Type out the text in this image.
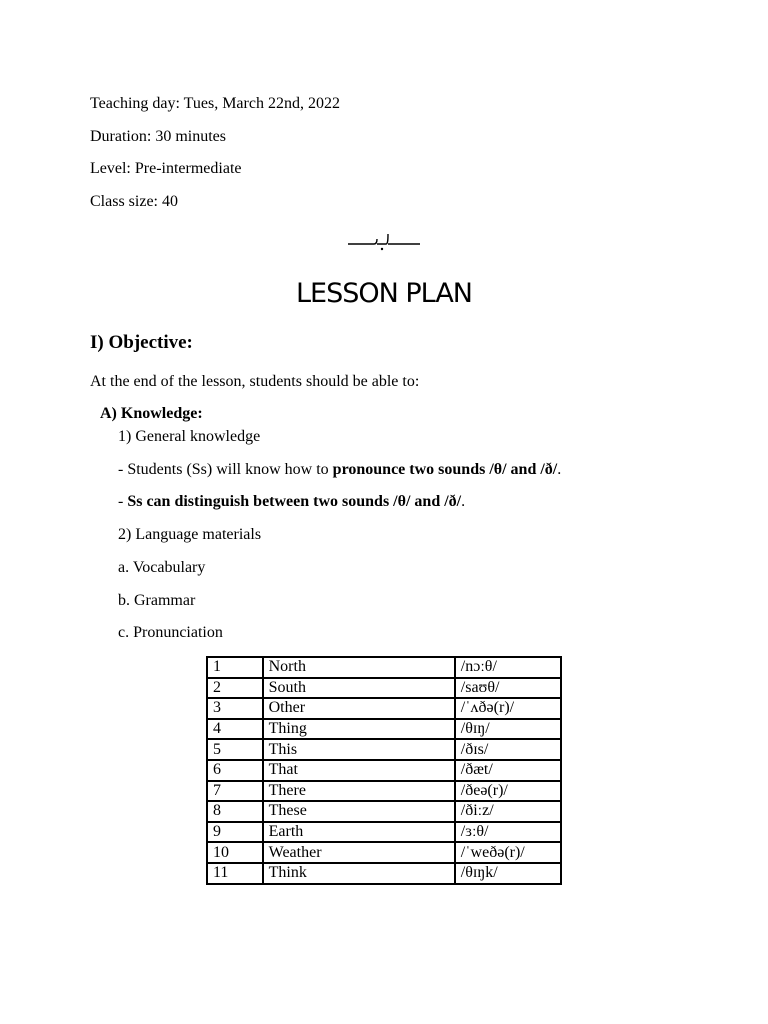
Teaching day: Tues, March 22nd, 2022
Duration: 30 minutes
Level: Pre-intermediate
Class size: 40
LESSON PLAN
I) Objective:
At the end of the lesson, students should be able to:
A) Knowledge:
1) General knowledge
- Students (Ss) will know how to pronounce two sounds /θ/ and /ð/.
- Ss can distinguish between two sounds /θ/ and /ð/.
2) Language materials
a. Vocabulary
b. Grammar
c. Pronunciation
1	North	/nɔːθ/
2	South	/saʊθ/
3	Other	/ˈʌðə(r)/
4	Thing	/θɪŋ/
5	This	/ðɪs/
6	That	/ðæt/
7	There	/ðeə(r)/
8	These	/ðiːz/
9	Earth	/ɜːθ/
10	Weather	/ˈweðə(r)/
11	Think	/θɪŋk/
